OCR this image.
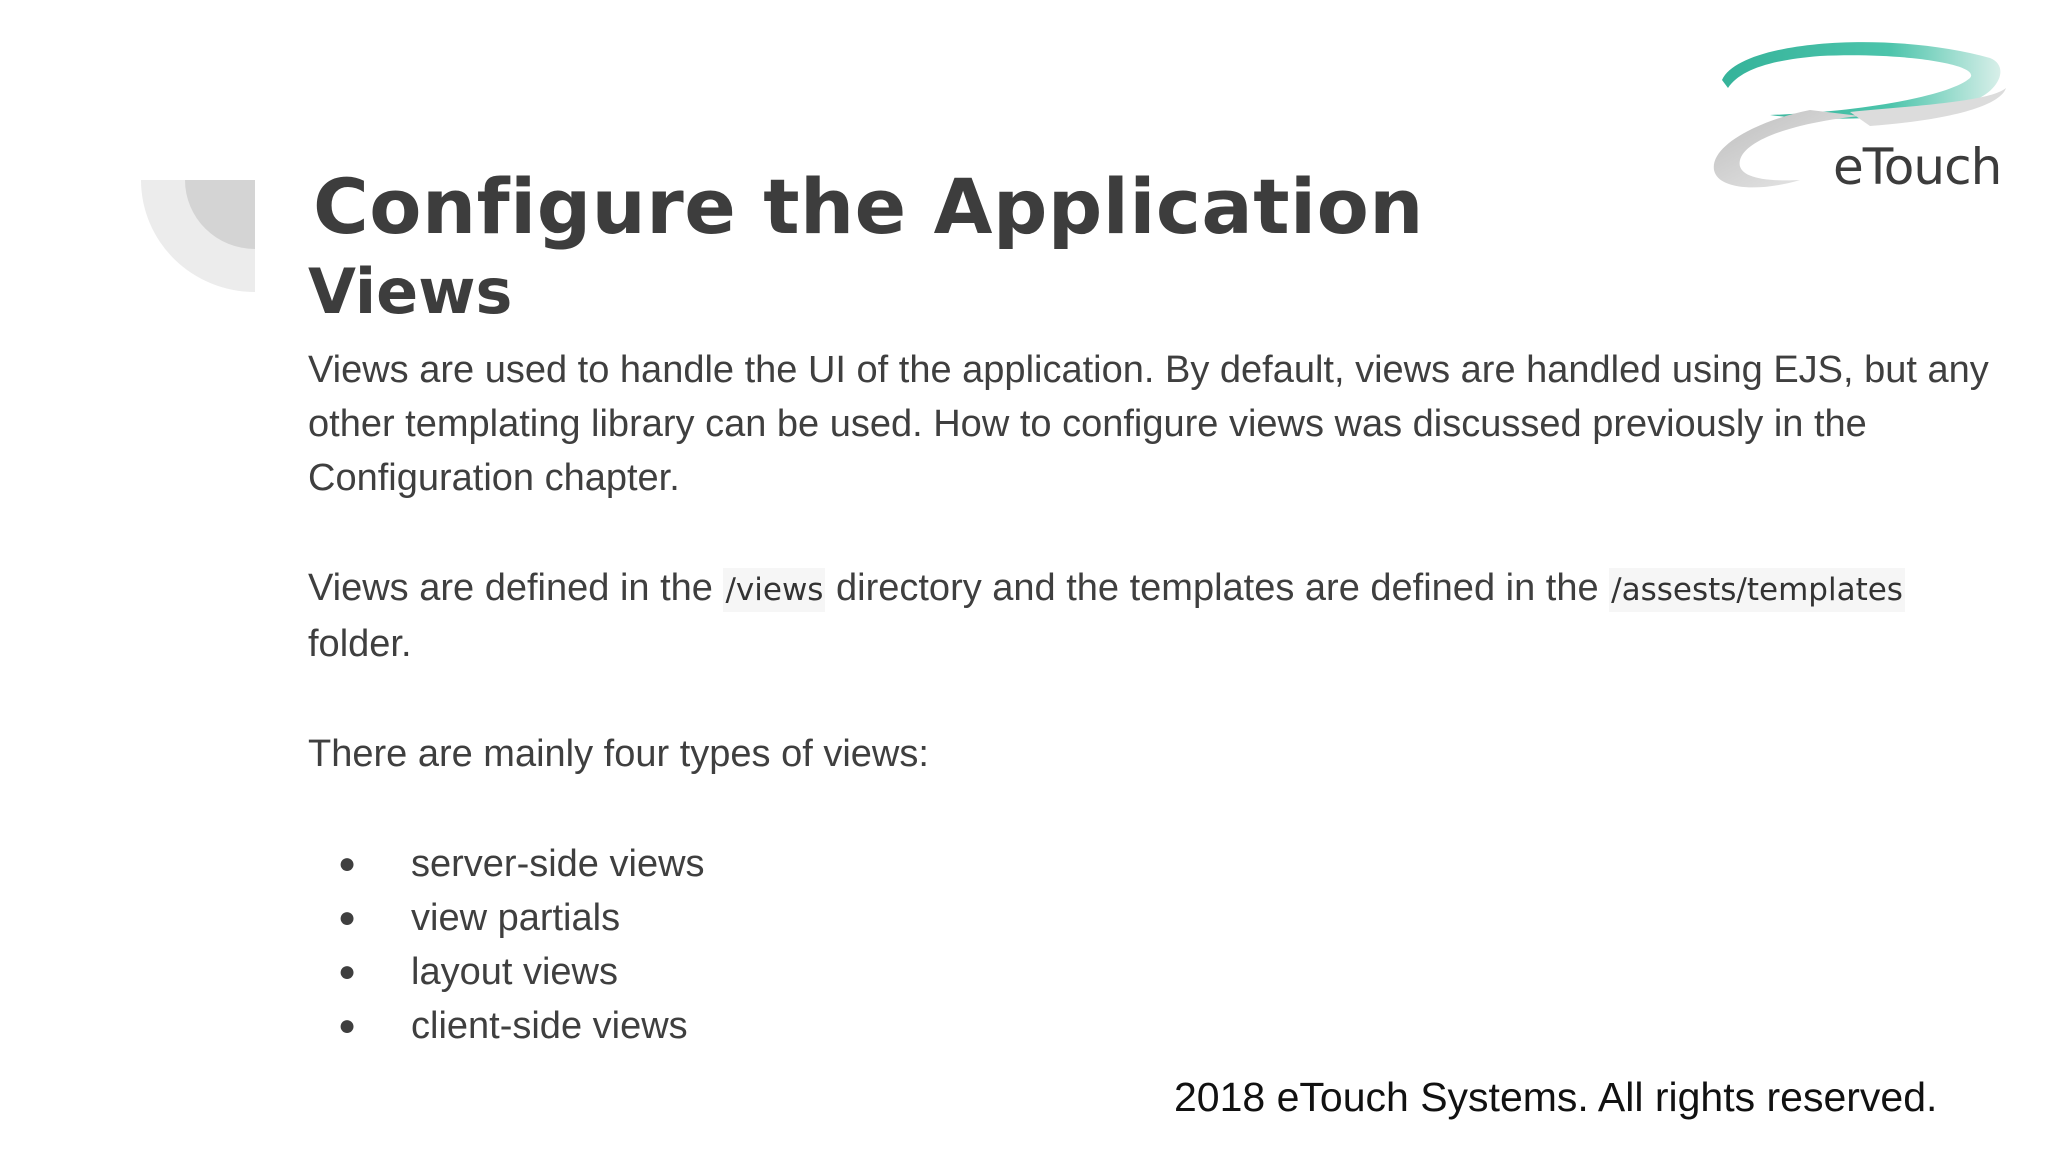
eTouch
Configure the Application
Views

Views are used to handle the UI of the application. By default, views are handled using EJS, but any other templating library can be used. How to configure views was discussed previously in the Configuration chapter.

Views are defined in the /views directory and the templates are defined in the /assests/templates folder.

There are mainly four types of views:

● server-side views
● view partials
● layout views
● client-side views
2018 eTouch Systems. All rights reserved.
